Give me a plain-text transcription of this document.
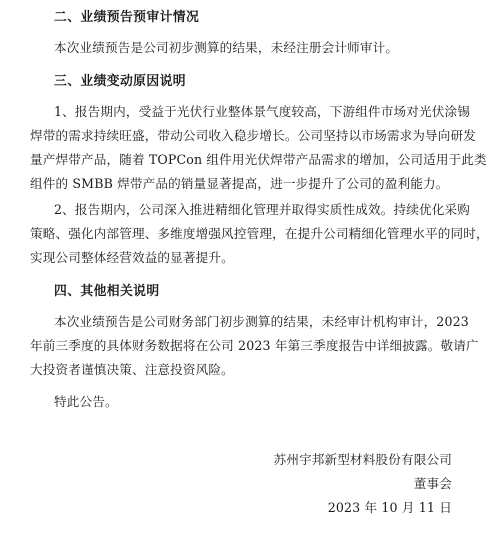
二、业绩预告预审计情况
本次业绩预告是公司初步测算的结果，未经注册会计师审计。
三、业绩变动原因说明
1、报告期内，受益于光伏行业整体景气度较高，下游组件市场对光伏涂锡
焊带的需求持续旺盛，带动公司收入稳步增长。公司坚持以市场需求为导向研发
量产焊带产品，随着 TOPCon 组件用光伏焊带产品需求的增加，公司适用于此类
组件的 SMBB 焊带产品的销量显著提高，进一步提升了公司的盈利能力。
2、报告期内，公司深入推进精细化管理并取得实质性成效。持续优化采购
策略、强化内部管理、多维度增强风控管理，在提升公司精细化管理水平的同时，
实现公司整体经营效益的显著提升。
四、其他相关说明
本次业绩预告是公司财务部门初步测算的结果，未经审计机构审计，2023
年前三季度的具体财务数据将在公司 2023 年第三季度报告中详细披露。敬请广
大投资者谨慎决策、注意投资风险。
特此公告。
苏州宇邦新型材料股份有限公司
董事会
2023 年 10 月 11 日
